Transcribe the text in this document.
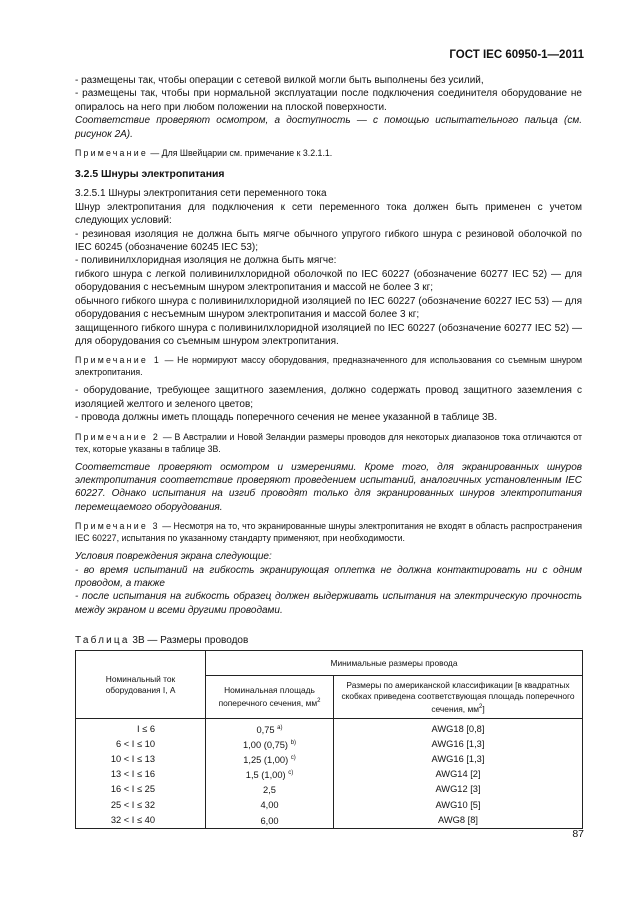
ГОСТ IEC 60950-1—2011

- размещены так, чтобы операции с сетевой вилкой могли быть выполнены без усилий,

- размещены так, чтобы при нормальной эксплуатации после подключения соединителя оборудование не опиралось на него при любом положении на плоской поверхности.

Соответствие проверяют осмотром, а доступность — с помощью испытательного пальца (см. рисунок 2А).

Примечание — Для Швейцарии см. примечание к 3.2.1.1.

3.2.5 Шнуры электропитания

3.2.5.1 Шнуры электропитания сети переменного тока

Шнур электропитания для подключения к сети переменного тока должен быть применен с учетом следующих условий:

- резиновая изоляция не должна быть мягче обычного упругого гибкого шнура с резиновой оболочкой по IEC 60245 (обозначение 60245 IEC 53);

- поливинилхлоридная изоляция не должна быть мягче:

гибкого шнура с легкой поливинилхлоридной оболочкой по IEC 60227 (обозначение 60277 IEC 52) — для оборудования с несъемным шнуром электропитания и массой не более 3 кг;

обычного гибкого шнура с поливинилхлоридной изоляцией по IEC 60227 (обозначение 60227 IEC 53) — для оборудования с несъемным шнуром электропитания и массой более 3 кг;

защищенного гибкого шнура с поливинилхлоридной изоляцией по IEC 60227 (обозначение 60277 IEC 52) — для оборудования со съемным шнуром электропитания.

Примечание 1 — Не нормируют массу оборудования, предназначенного для использования со съемным шнуром электропитания.

- оборудование, требующее защитного заземления, должно содержать провод защитного заземления с изоляцией желтого и зеленого цветов;

- провода должны иметь площадь поперечного сечения не менее указанной в таблице 3В.

Примечание 2 — В Австралии и Новой Зеландии размеры проводов для некоторых диапазонов тока отличаются от тех, которые указаны в таблице 3В.

Соответствие проверяют осмотром и измерениями. Кроме того, для экранированных шнуров электропитания соответствие проверяют проведением испытаний, аналогичных установленным IEC 60227. Однако испытания на изгиб проводят только для экранированных шнуров электропитания перемещаемого оборудования.

Примечание 3 — Несмотря на то, что экранированные шнуры электропитания не входят в область распространения IEC 60227, испытания по указанному стандарту применяют, при необходимости.

Условия повреждения экрана следующие:

- во время испытаний на гибкость экранирующая оплетка не должна контактировать ни с одним проводом, а также

- после испытания на гибкость образец должен выдерживать испытания на электрическую прочность между экраном и всеми другими проводами.

Таблица 3В — Размеры проводов
Номинальный ток оборудования I, А	Минимальные размеры провода	
	Номинальная площадь поперечного сечения, $мм^2$	Размеры по американской классификации [в квадратных скобках приведена соответствующая площадь поперечного сечения, $мм^2$]
I ≤ 6	0,75 $^{a)}$	AWG18 [0,8]
6 < I ≤ 10	1,00 (0,75) $^{b)}$	AWG16 [1,3]
10 < I ≤ 13	1,25 (1,00) $^{c)}$	AWG16 [1,3]
13 < I ≤ 16	1,5 (1,00) $^{c)}$	AWG14 [2]
16 < I ≤ 25	2,5	AWG12 [3]
25 < I ≤ 32	4,00	AWG10 [5]
32 < I ≤ 40	6,00	AWG8 [8]
87
